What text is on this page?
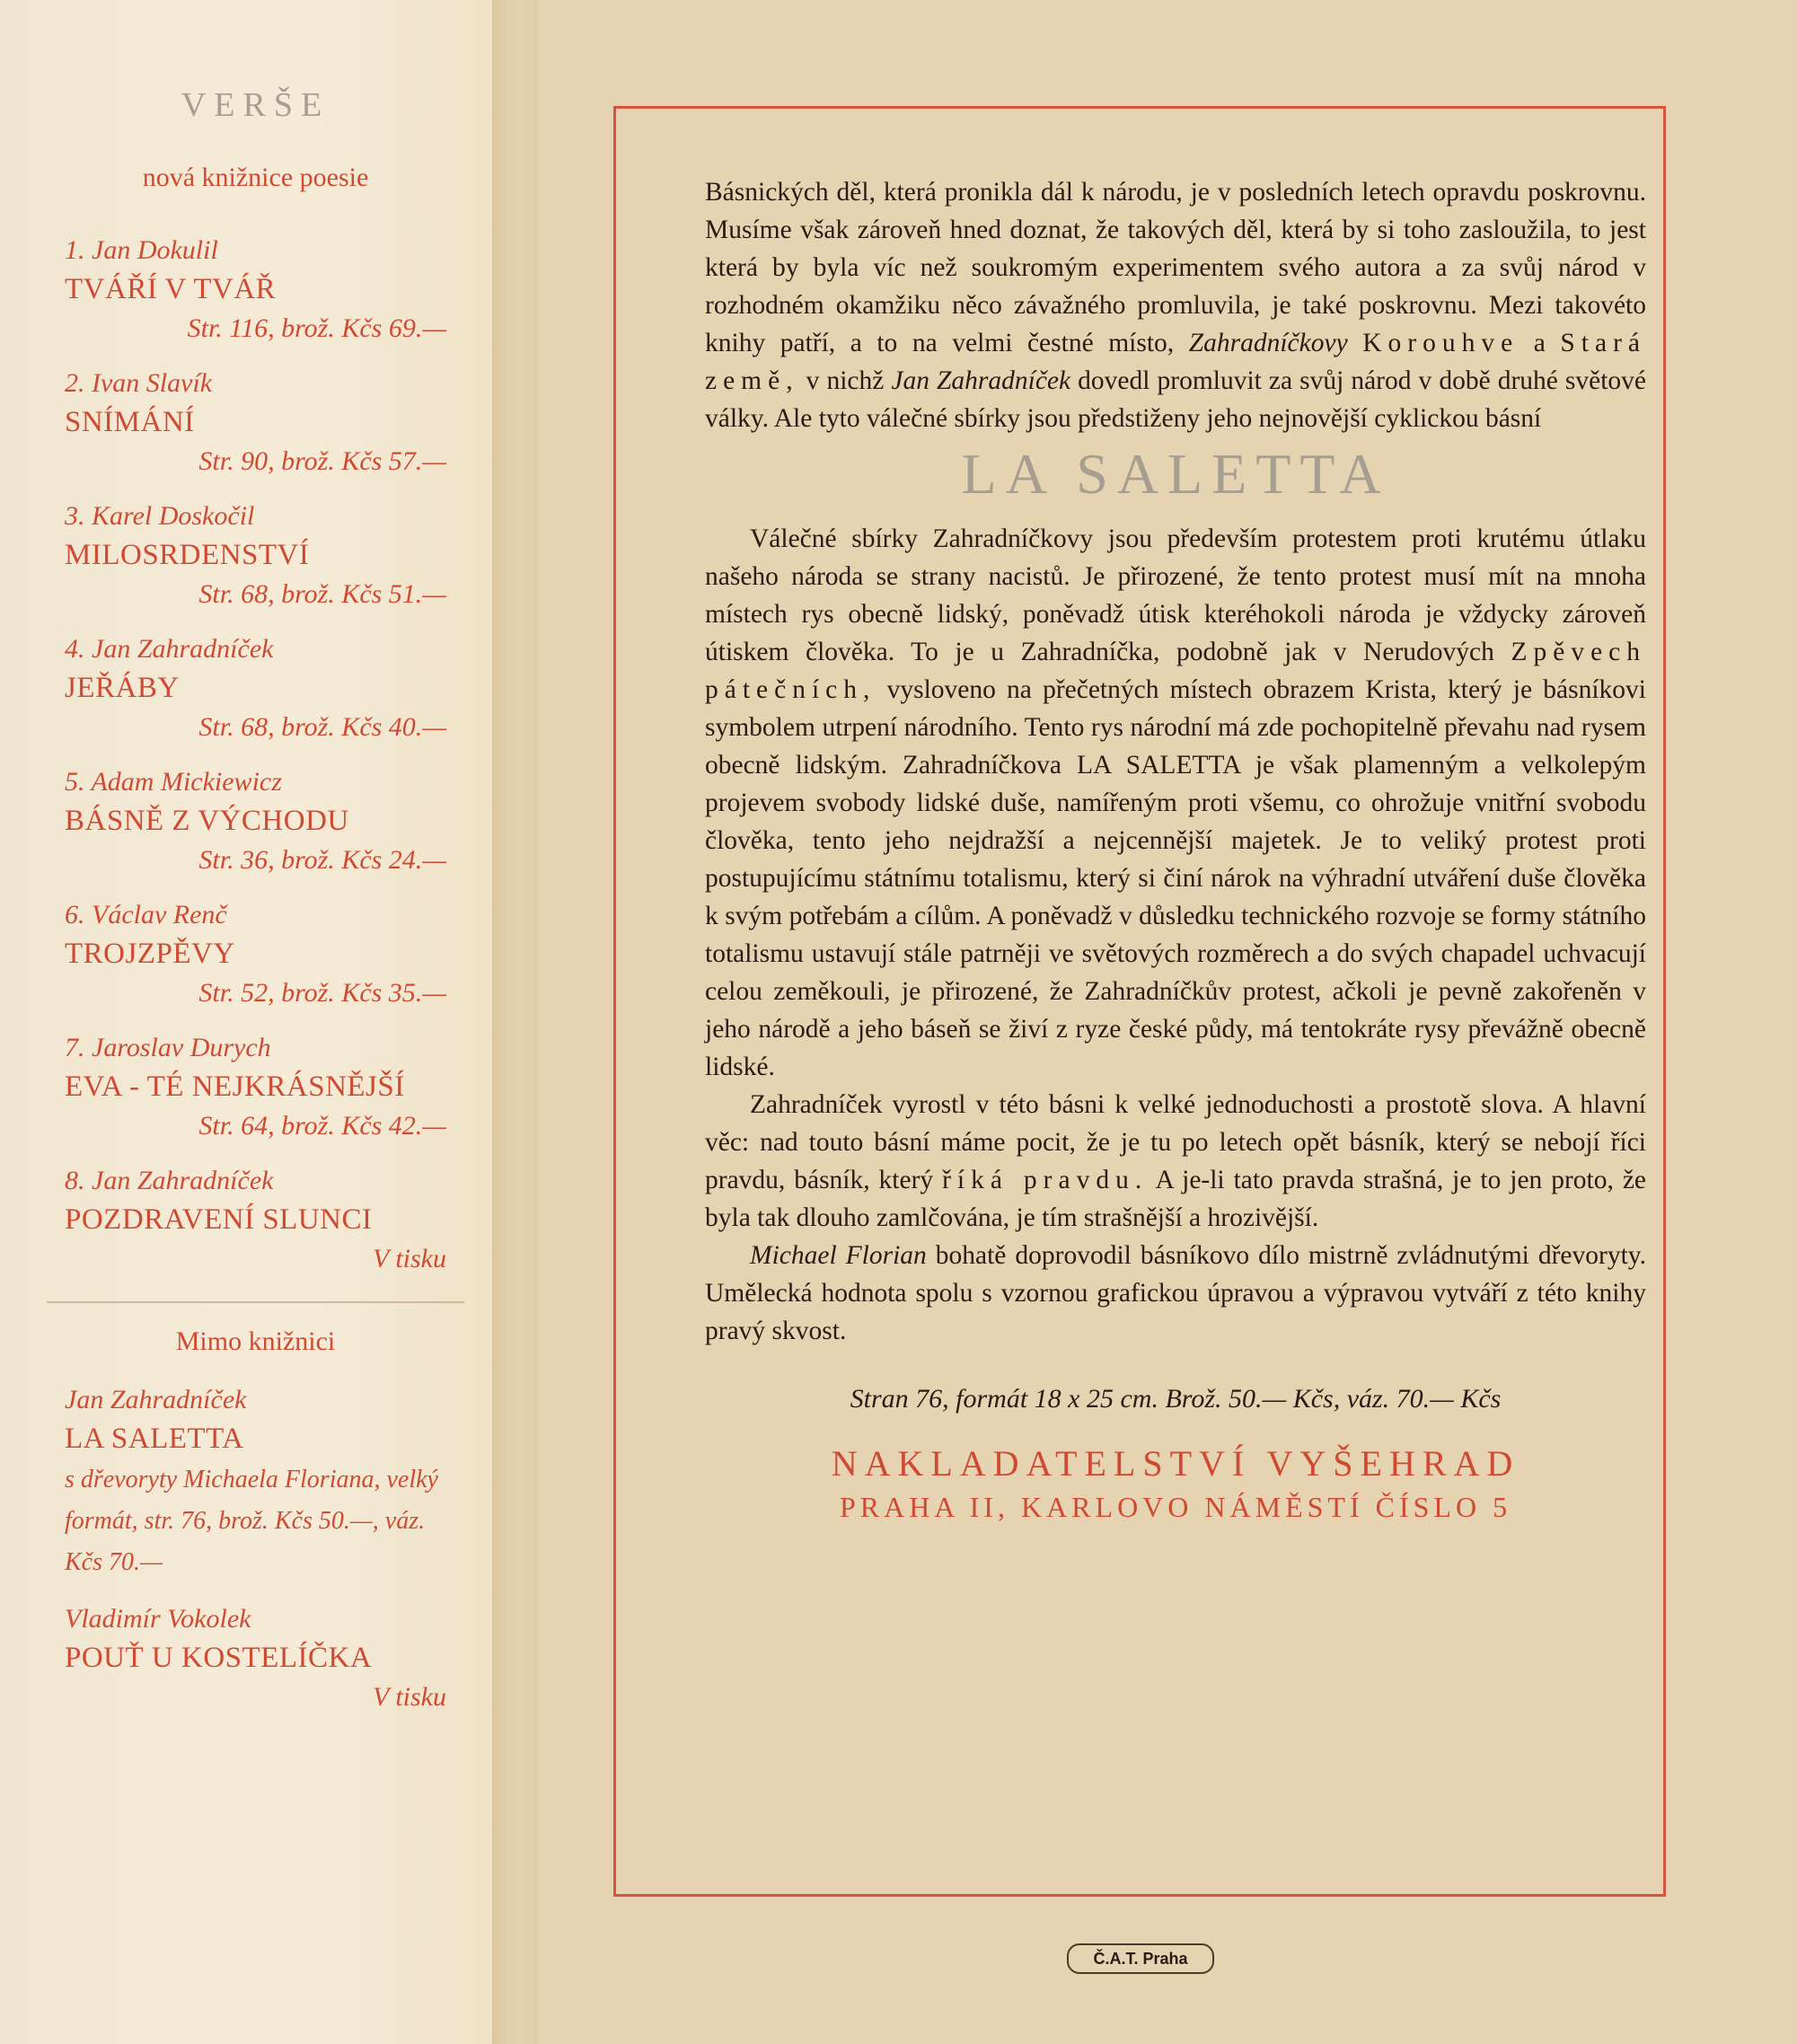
VERŠE
nová knižnice poesie
1. Jan Dokulil
TVÁŘÍ V TVÁŘ
Str. 116, brož. Kčs 69.—
2. Ivan Slavík
SNÍMÁNÍ
Str. 90, brož. Kčs 57.—
3. Karel Doskočil
MILOSRDENSTVÍ
Str. 68, brož. Kčs 51.—
4. Jan Zahradníček
JEŘÁBY
Str. 68, brož. Kčs 40.—
5. Adam Mickiewicz
BÁSNĚ Z VÝCHODU
Str. 36, brož. Kčs 24.—
6. Václav Renč
TROJZPĚVY
Str. 52, brož. Kčs 35.—
7. Jaroslav Durych
EVA - TÉ NEJKRÁSNĚJŠÍ
Str. 64, brož. Kčs 42.—
8. Jan Zahradníček
POZDRAVENÍ SLUNCI
V tisku
Mimo knižnici
Jan Zahradníček
LA SALETTA
s dřevoryty Michaela Floriana, velký formát, str. 76, brož. Kčs 50.—, váz. Kčs 70.—
Vladimír Vokolek
POUŤ U KOSTELÍČKA
V tisku

Básnických děl, která pronikla dál k národu, je v posledních letech opravdu poskrovnu. Musíme však zároveň hned doznat, že takových děl, která by si toho zasloužila, to jest která by byla víc než soukromým experimentem svého autora a za svůj národ v rozhodném okamžiku něco závažného promluvila, je také poskrovnu. Mezi takovéto knihy patří, a to na velmi čestné místo, Zahradníčkovy Korouhve a Stará země, v nichž Jan Zahradníček dovedl promluvit za svůj národ v době druhé světové války. Ale tyto válečné sbírky jsou předstiženy jeho nejnovější cyklickou básní

LA SALETTA

Válečné sbírky Zahradníčkovy jsou především protestem proti krutému útlaku našeho národa se strany nacistů. Je přirozené, že tento protest musí mít na mnoha místech rys obecně lidský, poněvadž útisk kteréhokoli národa je vždycky zároveň útiskem člověka. To je u Zahradníčka, podobně jak v Nerudových Zpěvech pátečních, vysloveno na přečetných místech obrazem Krista, který je básníkovi symbolem utrpení národního. Tento rys národní má zde pochopitelně převahu nad rysem obecně lidským. Zahradníčkova LA SALETTA je však plamenným a velkolepým projevem svobody lidské duše, namířeným proti všemu, co ohrožuje vnitřní svobodu člověka, tento jeho nejdražší a nejcennější majetek. Je to veliký protest proti postupujícímu státnímu totalismu, který si činí nárok na výhradní utváření duše člověka k svým potřebám a cílům. A poněvadž v důsledku technického rozvoje se formy státního totalismu ustavují stále patrněji ve světových rozměrech a do svých chapadel uchvacují celou zeměkouli, je přirozené, že Zahradníčkův protest, ačkoli je pevně zakořeněn v jeho národě a jeho báseň se živí z ryze české půdy, má tentokráte rysy převážně obecně lidské.

Zahradníček vyrostl v této básni k velké jednoduchosti a prostotě slova. A hlavní věc: nad touto básní máme pocit, že je tu po letech opět básník, který se nebojí říci pravdu, básník, který říká pravdu. A je-li tato pravda strašná, je to jen proto, že byla tak dlouho zamlčována, je tím strašnější a hrozivější.

Michael Florian bohatě doprovodil básníkovo dílo mistrně zvládnutými dřevoryty. Umělecká hodnota spolu s vzornou grafickou úpravou a výpravou vytváří z této knihy pravý skvost.

Stran 76, formát 18 x 25 cm. Brož. 50.— Kčs, váz. 70.— Kčs
NAKLADATELSTVÍ VYŠEHRAD
PRAHA II, KARLOVO NÁMĚSTÍ ČÍSLO 5
Č.A.T. Praha
